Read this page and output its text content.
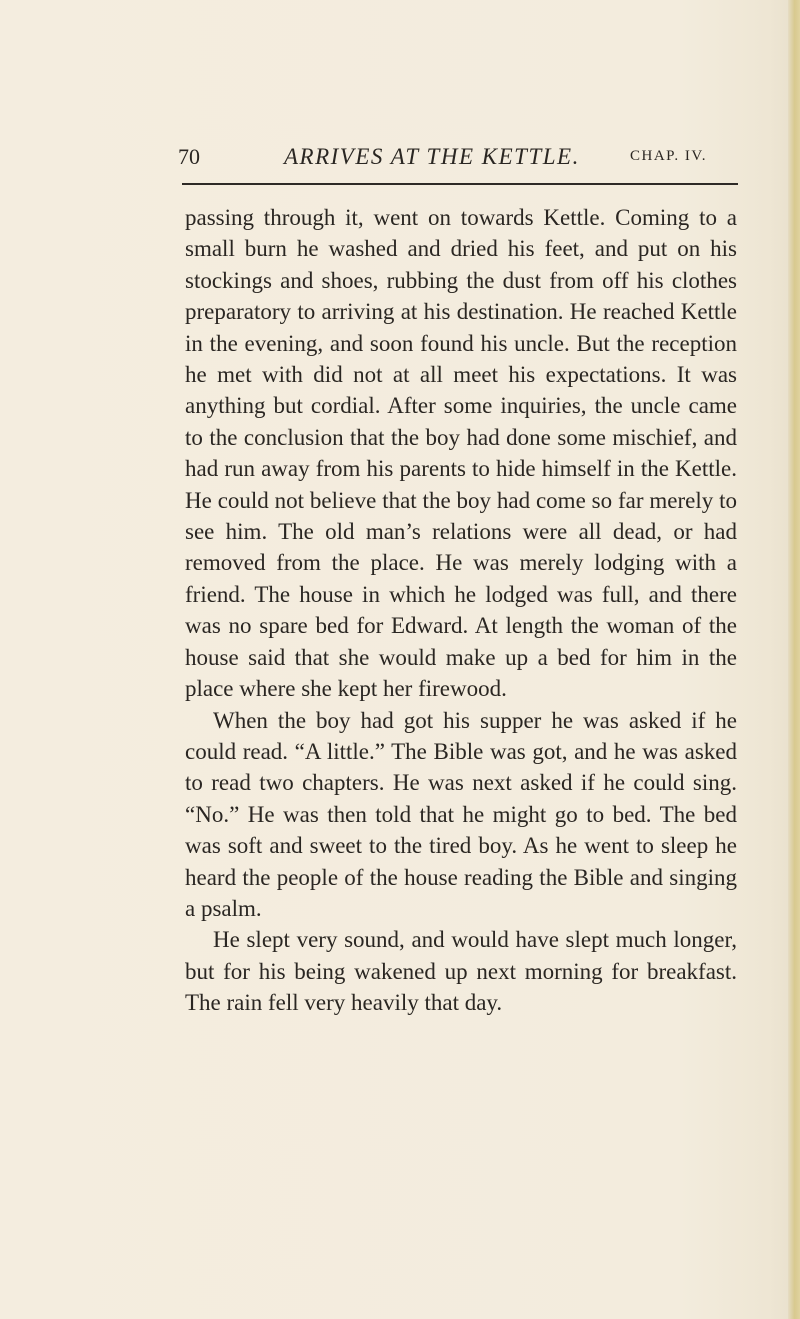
70	ARRIVES AT THE KETTLE.	CHAP. IV.

passing through it, went on towards Kettle. Coming to a small burn he washed and dried his feet, and put on his stockings and shoes, rubbing the dust from off his clothes preparatory to arriving at his destination. He reached Kettle in the evening, and soon found his uncle. But the reception he met with did not at all meet his expectations. It was anything but cordial. After some inquiries, the uncle came to the conclusion that the boy had done some mischief, and had run away from his parents to hide himself in the Kettle. He could not believe that the boy had come so far merely to see him. The old man’s relations were all dead, or had removed from the place. He was merely lodging with a friend. The house in which he lodged was full, and there was no spare bed for Edward. At length the woman of the house said that she would make up a bed for him in the place where she kept her firewood.

When the boy had got his supper he was asked if he could read. “A little.” The Bible was got, and he was asked to read two chapters. He was next asked if he could sing. “No.” He was then told that he might go to bed. The bed was soft and sweet to the tired boy. As he went to sleep he heard the people of the house reading the Bible and singing a psalm.

He slept very sound, and would have slept much longer, but for his being wakened up next morning for breakfast. The rain fell very heavily that day.
